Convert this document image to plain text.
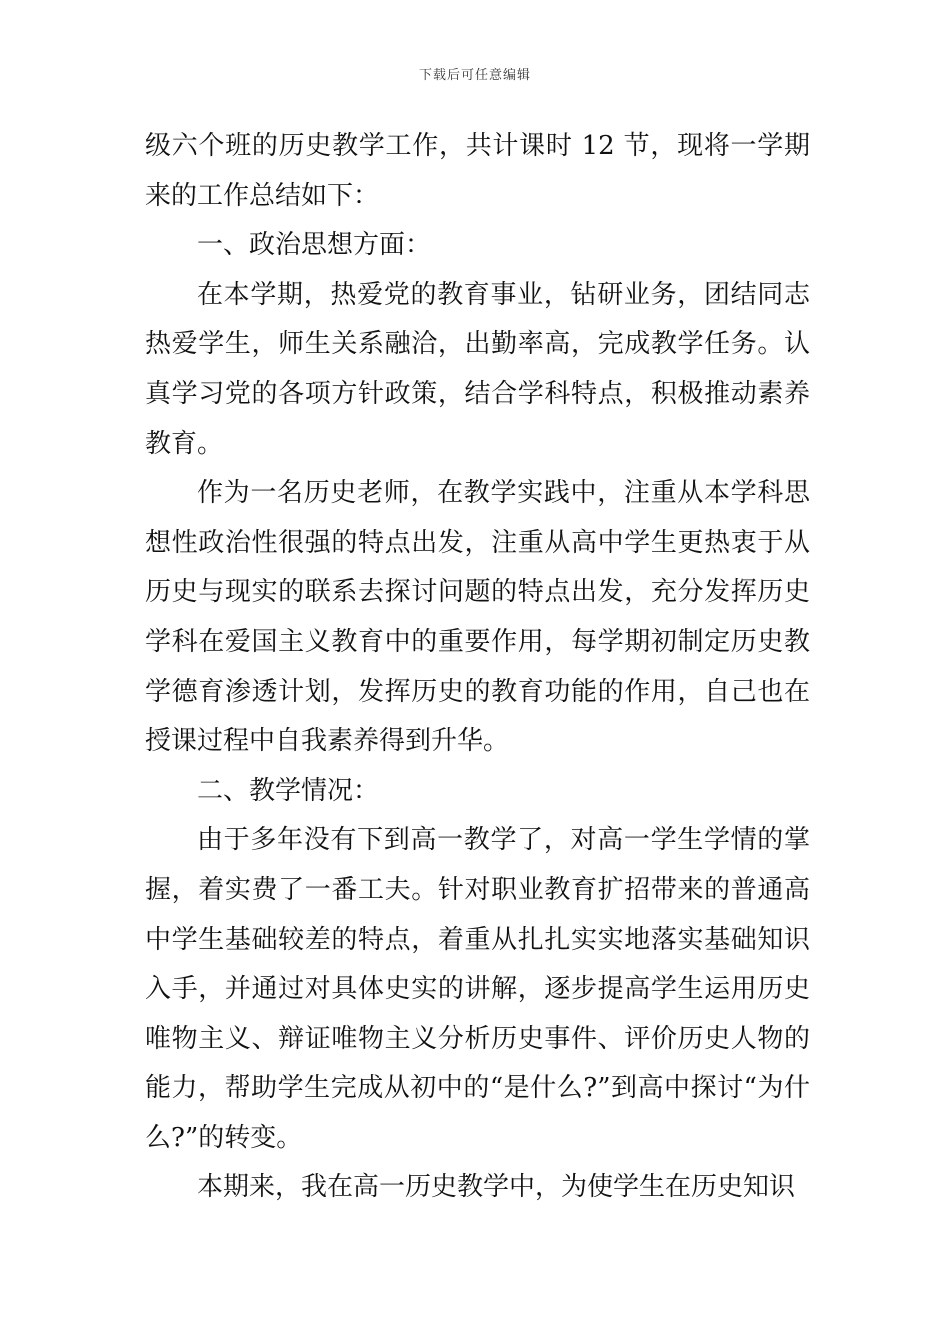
下载后可任意编辑

级六个班的历史教学工作，共计课时 12 节，现将一学期来的工作总结如下：

一、政治思想方面：

在本学期，热爱党的教育事业，钻研业务，团结同志热爱学生，师生关系融洽，出勤率高，完成教学任务。认真学习党的各项方针政策，结合学科特点，积极推动素养教育。

作为一名历史老师，在教学实践中，注重从本学科思想性政治性很强的特点出发，注重从高中学生更热衷于从历史与现实的联系去探讨问题的特点出发，充分发挥历史学科在爱国主义教育中的重要作用，每学期初制定历史教学德育渗透计划，发挥历史的教育功能的作用，自己也在授课过程中自我素养得到升华。

二、教学情况：

由于多年没有下到高一教学了，对高一学生学情的掌握，着实费了一番工夫。针对职业教育扩招带来的普通高中学生基础较差的特点，着重从扎扎实实地落实基础知识入手，并通过对具体史实的讲解，逐步提高学生运用历史唯物主义、辩证唯物主义分析历史事件、评价历史人物的能力，帮助学生完成从初中的“是什么?”到高中探讨“为什么?”的转变。

本期来，我在高一历史教学中，为使学生在历史知识
